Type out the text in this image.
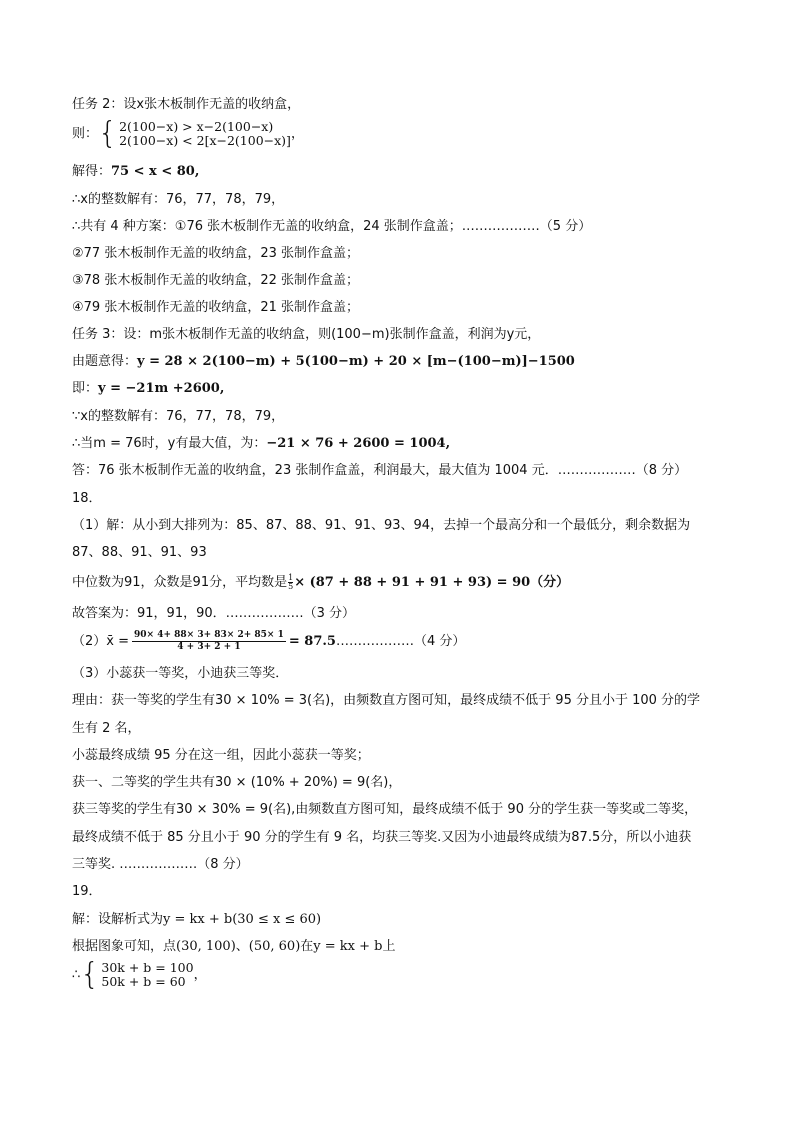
任务 2：设x张木板制作无盖的收纳盒，
则： { 2(100−x) > x−2(100−x)
2(100−x) < 2[x−2(100−x)] ，
解得：75 < x < 80,
∴x的整数解有：76，77，78，79，
∴共有 4 种方案：①76 张木板制作无盖的收纳盒，24 张制作盒盖；………………（5 分）
②77 张木板制作无盖的收纳盒，23 张制作盒盖；
③78 张木板制作无盖的收纳盒，22 张制作盒盖；
④79 张木板制作无盖的收纳盒，21 张制作盒盖；
任务 3：设：m张木板制作无盖的收纳盒，则(100−m)张制作盒盖，利润为y元，
由题意得：y = 28 × 2(100−m) + 5(100−m) + 20 × [m−(100−m)]−1500
即：y = −21m +2600,
∵x的整数解有：76，77，78，79，
∴当m = 76时，y有最大值，为：−21 × 76 + 2600 = 1004,
答：76 张木板制作无盖的收纳盒，23 张制作盒盖，利润最大，最大值为 1004 元．………………（8 分）
18．
（1）解：从小到大排列为：85、87、88、91、91、93、94，去掉一个最高分和一个最低分，剩余数据为
87、88、91、91、93
中位数为91，众数是91分，平均数是 $\frac{1}{5} \times (87 + 88 + 91 + 91 + 93) = 90$（分）
故答案为：91，91，90．………………（3 分）
（2）x̄ = $\frac{90\times 4+ 88\times 3+ 83\times 2+ 85\times 1}{4 + 3+ 2 + 1}$ = 87.5………………（4 分）
（3）小蕊获一等奖，小迪获三等奖．
理由：获一等奖的学生有30 × 10% = 3(名)，由频数直方图可知，最终成绩不低于 95 分且小于 100 分的学
生有 2 名，
小蕊最终成绩 95 分在这一组，因此小蕊获一等奖；
获一、二等奖的学生共有30 × (10% + 20%) = 9(名)，
获三等奖的学生有30 × 30% = 9(名),由频数直方图可知，最终成绩不低于 90 分的学生获一等奖或二等奖，
最终成绩不低于 85 分且小于 90 分的学生有 9 名，均获三等奖.又因为小迪最终成绩为87.5分，所以小迪获
三等奖. ………………（8 分）
19．
解：设解析式为y = kx + b(30 ≤ x ≤ 60)
根据图象可知，点(30, 100)、(50, 60)在y = kx + b上
∴ { 30k + b = 100
50k + b = 60 ，
